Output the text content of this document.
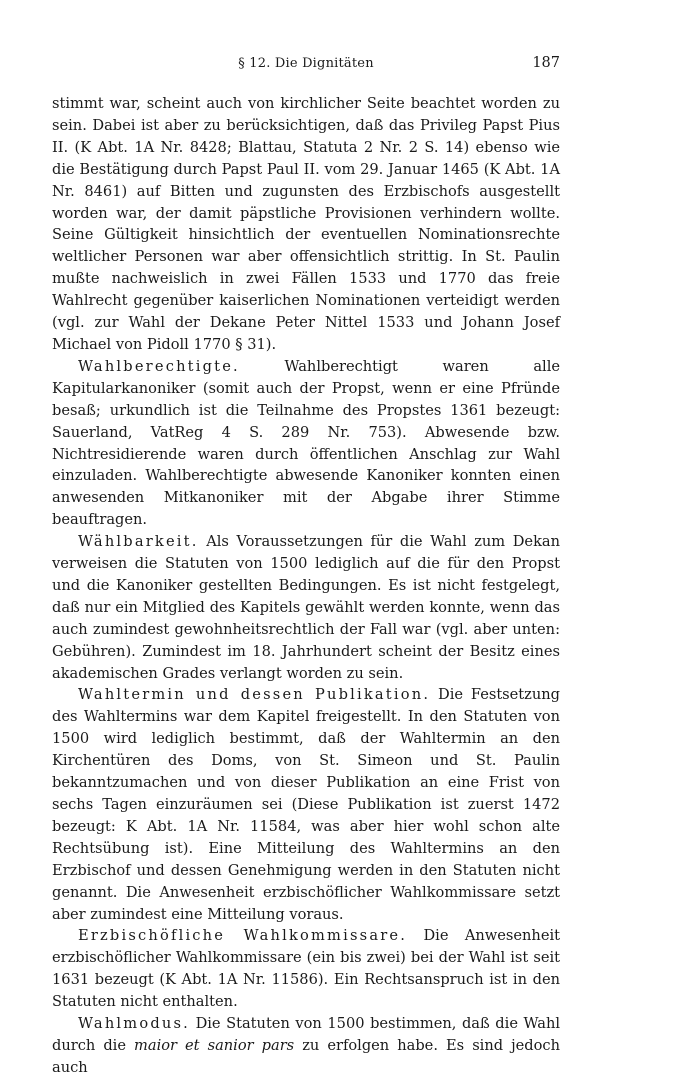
§ 12. Die Dignitäten	187

stimmt war, scheint auch von kirchlicher Seite beachtet worden zu sein. Dabei ist aber zu berücksichtigen, daß das Privileg Papst Pius II. (K Abt. 1A Nr. 8428; Blattau, Statuta 2 Nr. 2 S. 14) ebenso wie die Bestätigung durch Papst Paul II. vom 29. Januar 1465 (K Abt. 1A Nr. 8461) auf Bitten und zugunsten des Erzbischofs ausgestellt worden war, der damit päpstliche Provisionen verhindern wollte. Seine Gültigkeit hinsichtlich der eventuellen Nominationsrechte weltlicher Personen war aber offensichtlich strittig. In St. Paulin mußte nachweislich in zwei Fällen 1533 und 1770 das freie Wahlrecht gegenüber kaiserlichen Nominationen verteidigt werden (vgl. zur Wahl der Dekane Peter Nittel 1533 und Johann Josef Michael von Pidoll 1770 § 31).

Wahlberechtigte.	Wahlberechtigt waren alle Kapitularkanoniker (somit auch der Propst, wenn er eine Pfründe besaß; urkundlich ist die Teilnahme des Propstes 1361 bezeugt: Sauerland, VatReg 4 S. 289 Nr. 753). Abwesende bzw. Nichtresidierende waren durch öffentlichen Anschlag zur Wahl einzuladen. Wahlberechtigte abwesende Kanoniker konnten einen anwesenden Mitkanoniker mit der Abgabe ihrer Stimme beauftragen.

Wählbarkeit. Als Voraussetzungen für die Wahl zum Dekan verweisen die Statuten von 1500 lediglich auf die für den Propst und die Kanoniker gestellten Bedingungen. Es ist nicht festgelegt, daß nur ein Mitglied des Kapitels gewählt werden konnte, wenn das auch zumindest gewohnheitsrechtlich der Fall war (vgl. aber unten: Gebühren). Zumindest im 18. Jahrhundert scheint der Besitz eines akademischen Grades verlangt worden zu sein.

Wahltermin und dessen Publikation. Die Festsetzung des Wahltermins war dem Kapitel freigestellt. In den Statuten von 1500 wird lediglich bestimmt, daß der Wahltermin an den Kirchentüren des Doms, von St. Simeon und St. Paulin bekanntzumachen und von dieser Publikation an eine Frist von sechs Tagen einzuräumen sei (Diese Publikation ist zuerst 1472 bezeugt: K Abt. 1A Nr. 11584, was aber hier wohl schon alte Rechtsübung ist). Eine Mitteilung des Wahltermins an den Erzbischof und dessen Genehmigung werden in den Statuten nicht genannt. Die Anwesenheit erzbischöflicher Wahlkommissare setzt aber zumindest eine Mitteilung voraus.

Erzbischöfliche Wahlkommissare. Die Anwesenheit erzbischöflicher Wahlkommissare (ein bis zwei) bei der Wahl ist seit 1631 bezeugt (K Abt. 1A Nr. 11586). Ein Rechtsanspruch ist in den Statuten nicht enthalten.

Wahlmodus. Die Statuten von 1500 bestimmen, daß die Wahl durch die maior et sanior pars zu erfolgen habe. Es sind jedoch auch
